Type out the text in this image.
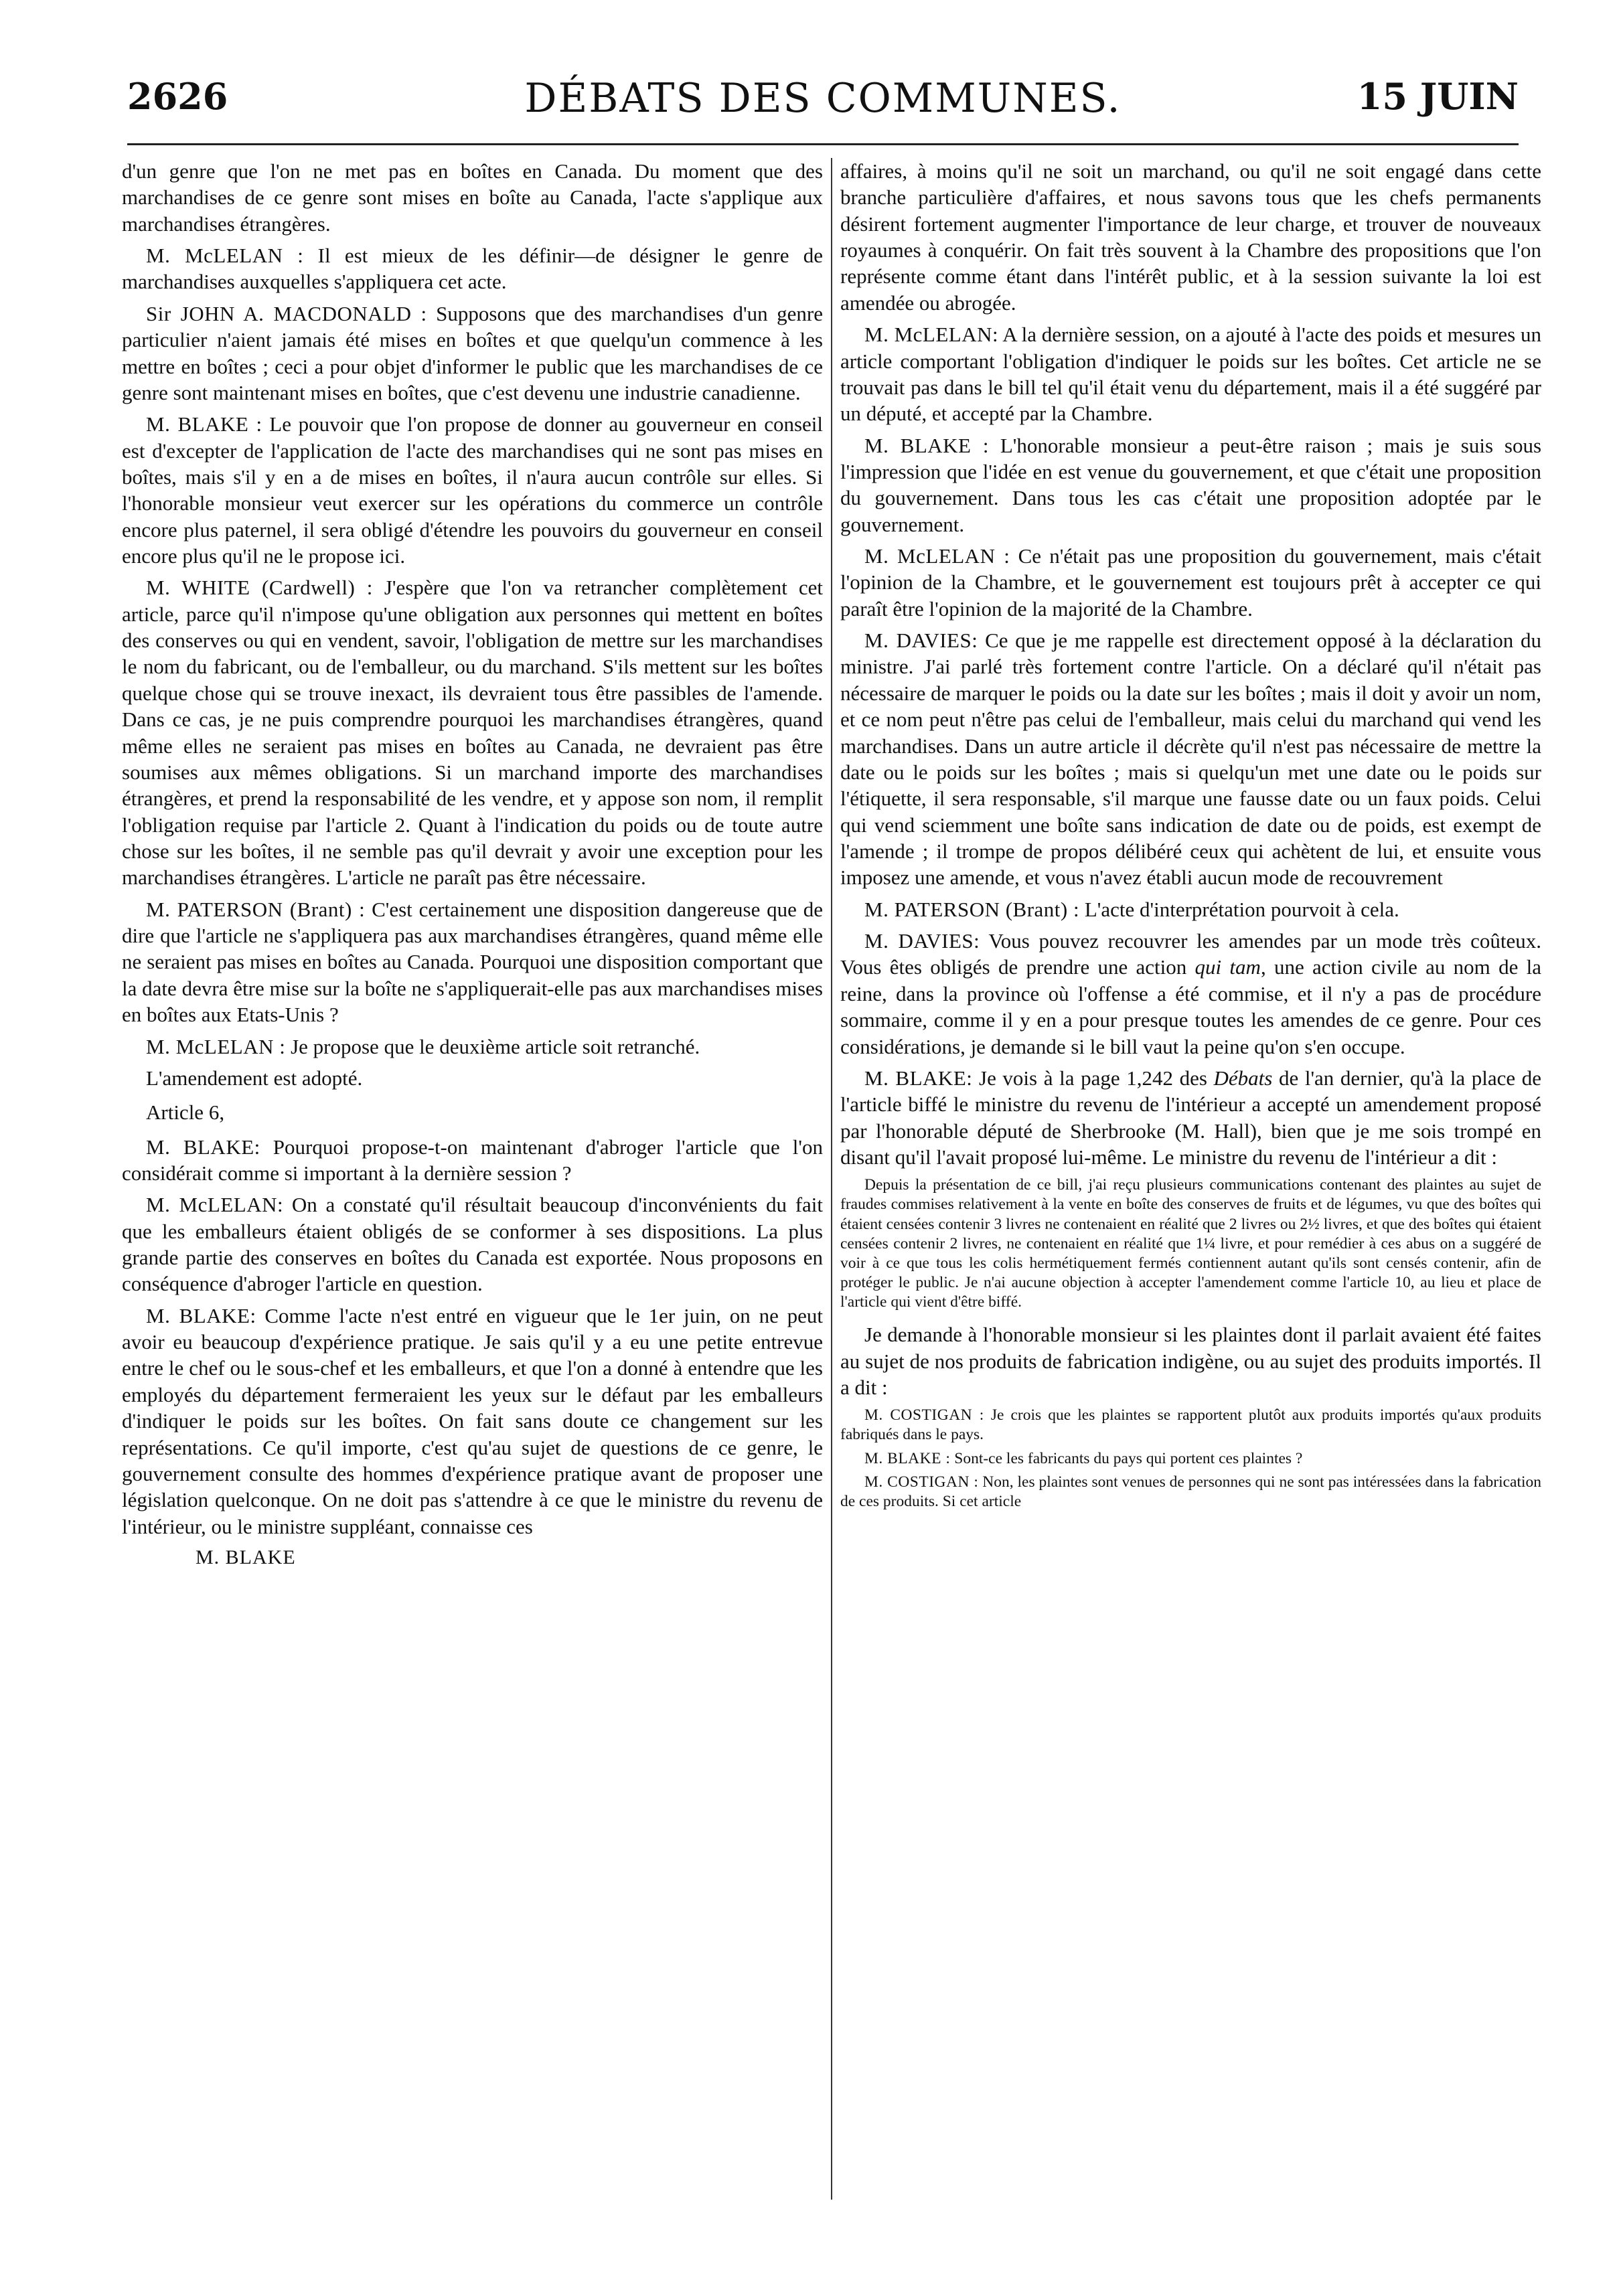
2626	DÉBATS DES COMMUNES.	15 JUIN

d'un genre que l'on ne met pas en boîtes en Canada. Du moment que des marchandises de ce genre sont mises en boîte au Canada, l'acte s'applique aux marchandises étrangères.

M. McLELAN : Il est mieux de les définir—de désigner le genre de marchandises auxquelles s'appliquera cet acte.

Sir JOHN A. MACDONALD : Supposons que des marchandises d'un genre particulier n'aient jamais été mises en boîtes et que quelqu'un commence à les mettre en boîtes ; ceci a pour objet d'informer le public que les marchandises de ce genre sont maintenant mises en boîtes, que c'est devenu une industrie canadienne.

M. BLAKE : Le pouvoir que l'on propose de donner au gouverneur en conseil est d'excepter de l'application de l'acte des marchandises qui ne sont pas mises en boîtes, mais s'il y en a de mises en boîtes, il n'aura aucun contrôle sur elles. Si l'honorable monsieur veut exercer sur les opérations du commerce un contrôle encore plus paternel, il sera obligé d'étendre les pouvoirs du gouverneur en conseil encore plus qu'il ne le propose ici.

M. WHITE (Cardwell) : J'espère que l'on va retrancher complètement cet article, parce qu'il n'impose qu'une obligation aux personnes qui mettent en boîtes des conserves ou qui en vendent, savoir, l'obligation de mettre sur les marchandises le nom du fabricant, ou de l'emballeur, ou du marchand. S'ils mettent sur les boîtes quelque chose qui se trouve inexact, ils devraient tous être passibles de l'amende. Dans ce cas, je ne puis comprendre pourquoi les marchandises étrangères, quand même elles ne seraient pas mises en boîtes au Canada, ne devraient pas être soumises aux mêmes obligations. Si un marchand importe des marchandises étrangères, et prend la responsabilité de les vendre, et y appose son nom, il remplit l'obligation requise par l'article 2. Quant à l'indication du poids ou de toute autre chose sur les boîtes, il ne semble pas qu'il devrait y avoir une exception pour les marchandises étrangères. L'article ne paraît pas être nécessaire.

M. PATERSON (Brant) : C'est certainement une disposition dangereuse que de dire que l'article ne s'appliquera pas aux marchandises étrangères, quand même elle ne seraient pas mises en boîtes au Canada. Pourquoi une disposition comportant que la date devra être mise sur la boîte ne s'appliquerait-elle pas aux marchandises mises en boîtes aux Etats-Unis ?

M. McLELAN : Je propose que le deuxième article soit retranché.

L'amendement est adopté.

Article 6,

M. BLAKE: Pourquoi propose-t-on maintenant d'abroger l'article que l'on considérait comme si important à la dernière session ?

M. McLELAN: On a constaté qu'il résultait beaucoup d'inconvénients du fait que les emballeurs étaient obligés de se conformer à ses dispositions. La plus grande partie des conserves en boîtes du Canada est exportée. Nous proposons en conséquence d'abroger l'article en question.

M. BLAKE: Comme l'acte n'est entré en vigueur que le 1er juin, on ne peut avoir eu beaucoup d'expérience pratique. Je sais qu'il y a eu une petite entrevue entre le chef ou le sous-chef et les emballeurs, et que l'on a donné à entendre que les employés du département fermeraient les yeux sur le défaut par les emballeurs d'indiquer le poids sur les boîtes. On fait sans doute ce changement sur les représentations. Ce qu'il importe, c'est qu'au sujet de questions de ce genre, le gouvernement consulte des hommes d'expérience pratique avant de proposer une législation quelconque. On ne doit pas s'attendre à ce que le ministre du revenu de l'intérieur, ou le ministre suppléant, connaisse ces

M. BLAKE

affaires, à moins qu'il ne soit un marchand, ou qu'il ne soit engagé dans cette branche particulière d'affaires, et nous savons tous que les chefs permanents désirent fortement augmenter l'importance de leur charge, et trouver de nouveaux royaumes à conquérir. On fait très souvent à la Chambre des propositions que l'on représente comme étant dans l'intérêt public, et à la session suivante la loi est amendée ou abrogée.

M. McLELAN: A la dernière session, on a ajouté à l'acte des poids et mesures un article comportant l'obligation d'indiquer le poids sur les boîtes. Cet article ne se trouvait pas dans le bill tel qu'il était venu du département, mais il a été suggéré par un député, et accepté par la Chambre.

M. BLAKE : L'honorable monsieur a peut-être raison ; mais je suis sous l'impression que l'idée en est venue du gouvernement, et que c'était une proposition du gouvernement. Dans tous les cas c'était une proposition adoptée par le gouvernement.

M. McLELAN : Ce n'était pas une proposition du gouvernement, mais c'était l'opinion de la Chambre, et le gouvernement est toujours prêt à accepter ce qui paraît être l'opinion de la majorité de la Chambre.

M. DAVIES: Ce que je me rappelle est directement opposé à la déclaration du ministre. J'ai parlé très fortement contre l'article. On a déclaré qu'il n'était pas nécessaire de marquer le poids ou la date sur les boîtes ; mais il doit y avoir un nom, et ce nom peut n'être pas celui de l'emballeur, mais celui du marchand qui vend les marchandises. Dans un autre article il décrète qu'il n'est pas nécessaire de mettre la date ou le poids sur les boîtes ; mais si quelqu'un met une date ou le poids sur l'étiquette, il sera responsable, s'il marque une fausse date ou un faux poids. Celui qui vend sciemment une boîte sans indication de date ou de poids, est exempt de l'amende ; il trompe de propos délibéré ceux qui achètent de lui, et ensuite vous imposez une amende, et vous n'avez établi aucun mode de recouvrement

M. PATERSON (Brant) : L'acte d'interprétation pourvoit à cela.

M. DAVIES: Vous pouvez recouvrer les amendes par un mode très coûteux. Vous êtes obligés de prendre une action qui tam, une action civile au nom de la reine, dans la province où l'offense a été commise, et il n'y a pas de procédure sommaire, comme il y en a pour presque toutes les amendes de ce genre. Pour ces considérations, je demande si le bill vaut la peine qu'on s'en occupe.

M. BLAKE: Je vois à la page 1,242 des Débats de l'an dernier, qu'à la place de l'article biffé le ministre du revenu de l'intérieur a accepté un amendement proposé par l'honorable député de Sherbrooke (M. Hall), bien que je me sois trompé en disant qu'il l'avait proposé lui-même. Le ministre du revenu de l'intérieur a dit :

Depuis la présentation de ce bill, j'ai reçu plusieurs communications contenant des plaintes au sujet de fraudes commises relativement à la vente en boîte des conserves de fruits et de légumes, vu que des boîtes qui étaient censées contenir 3 livres ne contenaient en réalité que 2 livres ou 2½ livres, et que des boîtes qui étaient censées contenir 2 livres, ne contenaient en réalité que 1¼ livre, et pour remédier à ces abus on a suggéré de voir à ce que tous les colis hermétiquement fermés contiennent autant qu'ils sont censés contenir, afin de protéger le public. Je n'ai aucune objection à accepter l'amendement comme l'article 10, au lieu et place de l'article qui vient d'être biffé.

Je demande à l'honorable monsieur si les plaintes dont il parlait avaient été faites au sujet de nos produits de fabrication indigène, ou au sujet des produits importés. Il a dit :

M. COSTIGAN : Je crois que les plaintes se rapportent plutôt aux produits importés qu'aux produits fabriqués dans le pays.

M. BLAKE : Sont-ce les fabricants du pays qui portent ces plaintes ?

M. COSTIGAN : Non, les plaintes sont venues de personnes qui ne sont pas intéressées dans la fabrication de ces produits. Si cet article
